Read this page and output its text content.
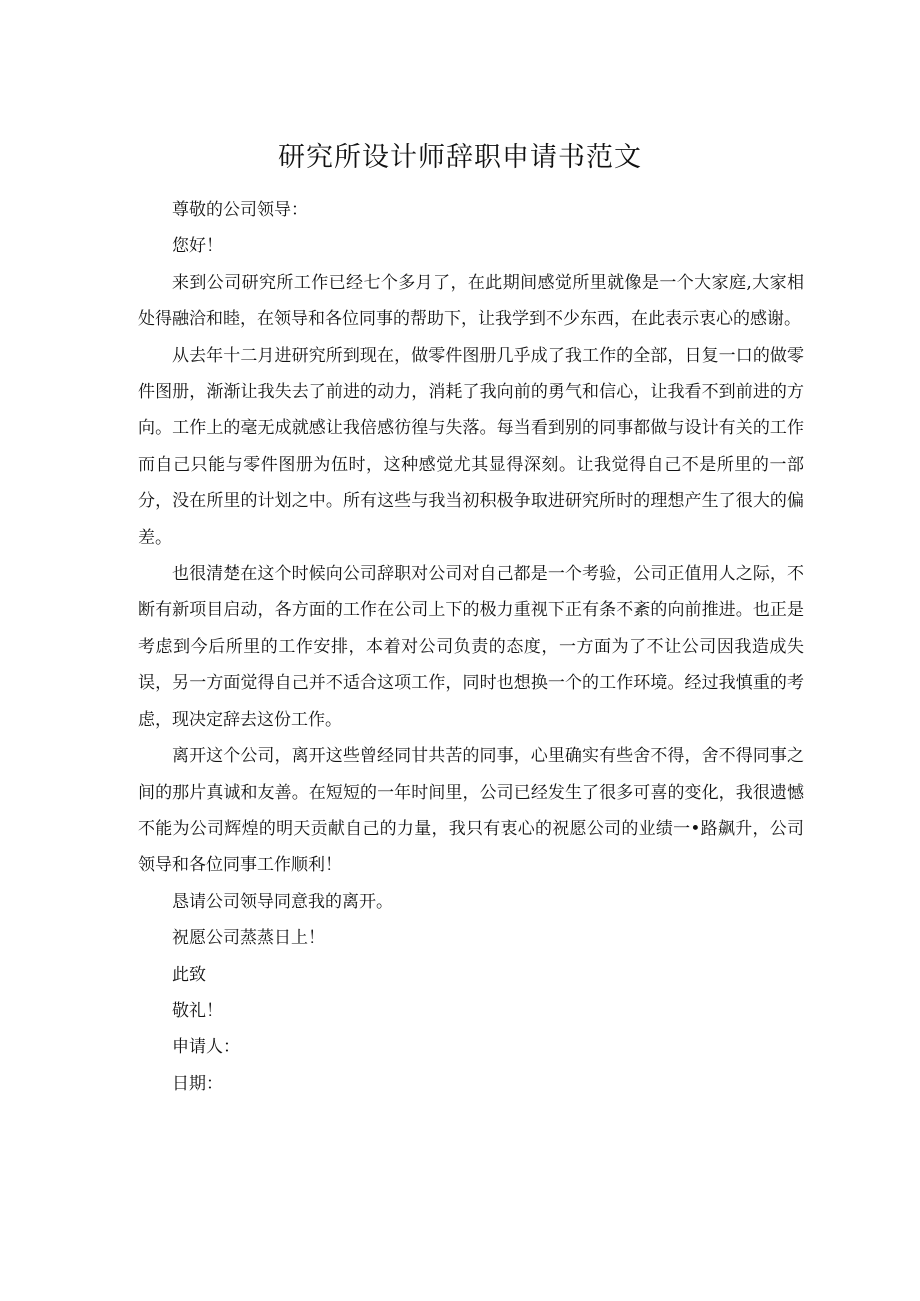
研究所设计师辞职申请书范文

尊敬的公司领导：

您好！

来到公司研究所工作已经七个多月了，在此期间感觉所里就像是一个大家庭,大家相处得融洽和睦，在领导和各位同事的帮助下，让我学到不少东西，在此表示衷心的感谢。

从去年十二月进研究所到现在，做零件图册几乎成了我工作的全部，日复一口的做零件图册，渐渐让我失去了前进的动力，消耗了我向前的勇气和信心，让我看不到前进的方向。工作上的毫无成就感让我倍感彷徨与失落。每当看到别的同事都做与设计有关的工作而自己只能与零件图册为伍时，这种感觉尤其显得深刻。让我觉得自己不是所里的一部分，没在所里的计划之中。所有这些与我当初积极争取进研究所时的理想产生了很大的偏差。

也很清楚在这个时候向公司辞职对公司对自己都是一个考验，公司正值用人之际，不断有新项目启动，各方面的工作在公司上下的极力重视下正有条不紊的向前推进。也正是考虑到今后所里的工作安排，本着对公司负责的态度，一方面为了不让公司因我造成失误，另一方面觉得自己并不适合这项工作，同时也想换一个的工作环境。经过我慎重的考虑，现决定辞去这份工作。

离开这个公司，离开这些曾经同甘共苦的同事，心里确实有些舍不得，舍不得同事之间的那片真诚和友善。在短短的一年时间里，公司已经发生了很多可喜的变化，我很遗憾不能为公司辉煌的明天贡献自己的力量，我只有衷心的祝愿公司的业绩一•路飙升，公司领导和各位同事工作顺利！

恳请公司领导同意我的离开。

祝愿公司蒸蒸日上！

此致

敬礼！

申请人：

日期：
